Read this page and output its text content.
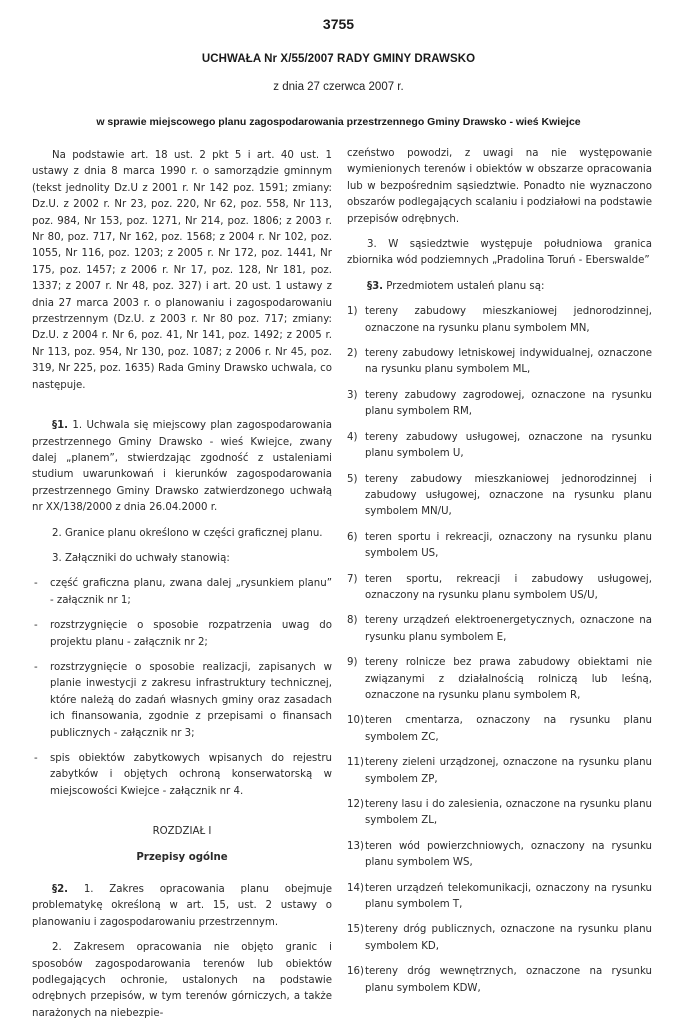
3755
UCHWAŁA Nr X/55/2007 RADY GMINY DRAWSKO
z dnia 27 czerwca 2007 r.
w sprawie miejscowego planu zagospodarowania przestrzennego Gminy Drawsko - wieś Kwiejce

Na podstawie art. 18 ust. 2 pkt 5 i art. 40 ust. 1 ustawy z dnia 8 marca 1990 r. o samorządzie gminnym (tekst jednolity Dz.U z 2001 r. Nr 142 poz. 1591; zmiany: Dz.U. z 2002 r. Nr 23, poz. 220, Nr 62, poz. 558, Nr 113, poz. 984, Nr 153, poz. 1271, Nr 214, poz. 1806; z 2003 r. Nr 80, poz. 717, Nr 162, poz. 1568; z 2004 r. Nr 102, poz. 1055, Nr 116, poz. 1203; z 2005 r. Nr 172, poz. 1441, Nr 175, poz. 1457; z 2006 r. Nr 17, poz. 128, Nr 181, poz. 1337; z 2007 r. Nr 48, poz. 327) i art. 20 ust. 1 ustawy z dnia 27 marca 2003 r. o planowaniu i zagospodarowaniu przestrzennym (Dz.U. z 2003 r. Nr 80 poz. 717; zmiany: Dz.U. z 2004 r. Nr 6, poz. 41, Nr 141, poz. 1492; z 2005 r. Nr 113, poz. 954, Nr 130, poz. 1087; z 2006 r. Nr 45, poz. 319, Nr 225, poz. 1635) Rada Gminy Drawsko uchwala, co następuje.

§1. 1. Uchwala się miejscowy plan zagospodarowania przestrzennego Gminy Drawsko - wieś Kwiejce, zwany dalej „planem”, stwierdzając zgodność z ustaleniami studium uwarunkowań i kierunków zagospodarowania przestrzennego Gminy Drawsko zatwierdzonego uchwałą nr XX/138/2000 z dnia 26.04.2000 r.

2. Granice planu określono w części graficznej planu.

3. Załączniki do uchwały stanowią:

- część graficzna planu, zwana dalej „rysunkiem planu” - załącznik nr 1;
- rozstrzygnięcie o sposobie rozpatrzenia uwag do projektu planu - załącznik nr 2;
- rozstrzygnięcie o sposobie realizacji, zapisanych w planie inwestycji z zakresu infrastruktury technicznej, które należą do zadań własnych gminy oraz zasadach ich finansowania, zgodnie z przepisami o finansach publicznych - załącznik nr 3;
- spis obiektów zabytkowych wpisanych do rejestru zabytków i objętych ochroną konserwatorską w miejscowości Kwiejce - załącznik nr 4.

ROZDZIAŁ I

Przepisy ogólne

§2. 1. Zakres opracowania planu obejmuje problematykę określoną w art. 15, ust. 2 ustawy o planowaniu i zagospodarowaniu przestrzennym.

2. Zakresem opracowania nie objęto granic i sposobów zagospodarowania terenów lub obiektów podlegających ochronie, ustalonych na podstawie odrębnych przepisów, w tym terenów górniczych, a także narażonych na niebezpie-

czeństwo powodzi, z uwagi na nie występowanie wymienionych terenów i obiektów w obszarze opracowania lub w bezpośrednim sąsiedztwie. Ponadto nie wyznaczono obszarów podlegających scalaniu i podziałowi na podstawie przepisów odrębnych.

3. W sąsiedztwie występuje południowa granica zbiornika wód podziemnych „Pradolina Toruń - Eberswalde”

§3. Przedmiotem ustaleń planu są:

1) tereny zabudowy mieszkaniowej jednorodzinnej, oznaczone na rysunku planu symbolem MN,
2) tereny zabudowy letniskowej indywidualnej, oznaczone na rysunku planu symbolem ML,
3) tereny zabudowy zagrodowej, oznaczone na rysunku planu symbolem RM,
4) tereny zabudowy usługowej, oznaczone na rysunku planu symbolem U,
5) tereny zabudowy mieszkaniowej jednorodzinnej i zabudowy usługowej, oznaczone na rysunku planu symbolem MN/U,
6) teren sportu i rekreacji, oznaczony na rysunku planu symbolem US,
7) teren sportu, rekreacji i zabudowy usługowej, oznaczony na rysunku planu symbolem US/U,
8) tereny urządzeń elektroenergetycznych, oznaczone na rysunku planu symbolem E,
9) tereny rolnicze bez prawa zabudowy obiektami nie związanymi z działalnością rolniczą lub leśną, oznaczone na rysunku planu symbolem R,
10) teren cmentarza, oznaczony na rysunku planu symbolem ZC,
11) tereny zieleni urządzonej, oznaczone na rysunku planu symbolem ZP,
12) tereny lasu i do zalesienia, oznaczone na rysunku planu symbolem ZL,
13) teren wód powierzchniowych, oznaczony na rysunku planu symbolem WS,
14) teren urządzeń telekomunikacji, oznaczony na rysunku planu symbolem T,
15) tereny dróg publicznych, oznaczone na rysunku planu symbolem KD,
16) tereny dróg wewnętrznych, oznaczone na rysunku planu symbolem KDW,
